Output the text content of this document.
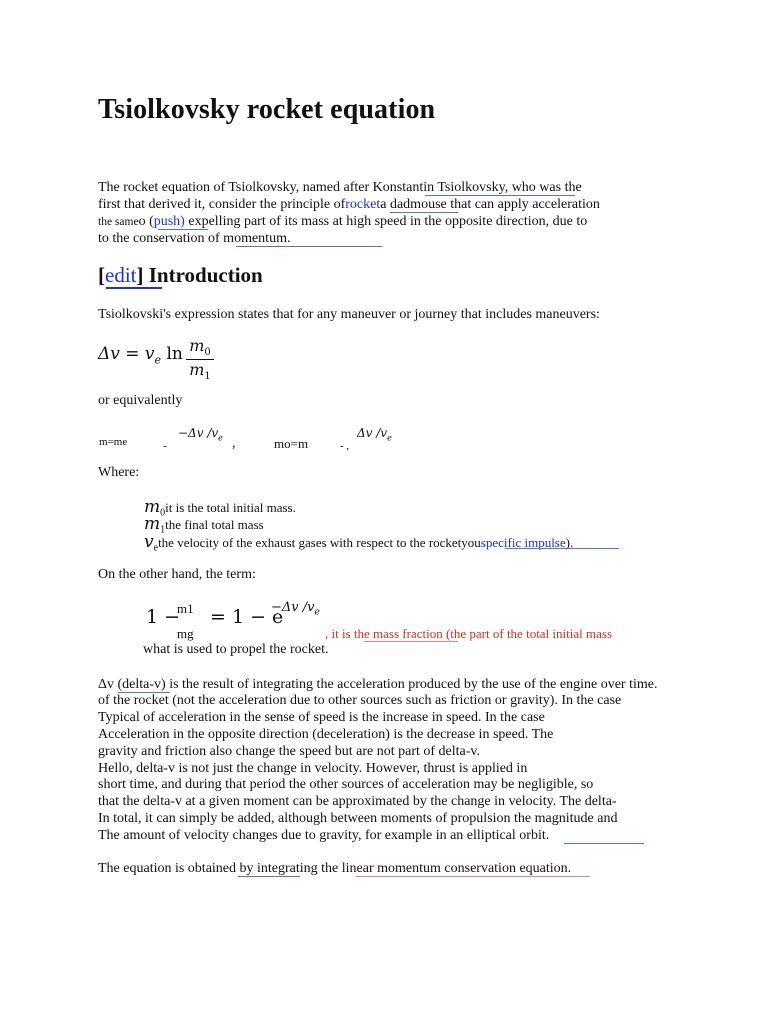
Tsiolkovsky rocket equation
The rocket equation of Tsiolkovsky, named after Konstantin Tsiolkovsky, who was the
first that derived it, consider the principle ofrocketa dadmouse that can apply acceleration
the sameo (push) expelling part of its mass at high speed in the opposite direction, due to
to the conservation of momentum.
[edit] Introduction
Tsiolkovski's expression states that for any maneuver or journey that includes maneuvers:
$\Delta v = v_e$ $\ln \frac{m_0}{m_1}$
or equivalently
m=me	-
−Δv $/v_e$ ,	mo=m	- ,
Δv $/v_e$
Where:
$m_0it$ is the total initial mass.
$m_1the$ final total mass
$v_ethe$ velocity of the exhaust gases with respect to the rocketyouspecific impulse).
On the other hand, the term:
1 −
m1
mg
= 1 − e
−Δv $/v_e$
, it is the mass fraction (the part of the total initial mass
what is used to propel the rocket.
Δv (delta-v) is the result of integrating the acceleration produced by the use of the engine over time.
of the rocket (not the acceleration due to other sources such as friction or gravity). In the case
Typical of acceleration in the sense of speed is the increase in speed. In the case
Acceleration in the opposite direction (deceleration) is the decrease in speed. The
gravity and friction also change the speed but are not part of delta-v.
Hello, delta-v is not just the change in velocity. However, thrust is applied in
short time, and during that period the other sources of acceleration may be negligible, so
that the delta-v at a given moment can be approximated by the change in velocity. The delta-
In total, it can simply be added, although between moments of propulsion the magnitude and
The amount of velocity changes due to gravity, for example in an elliptical orbit.
The equation is obtained by integrating the linear momentum conservation equation.
